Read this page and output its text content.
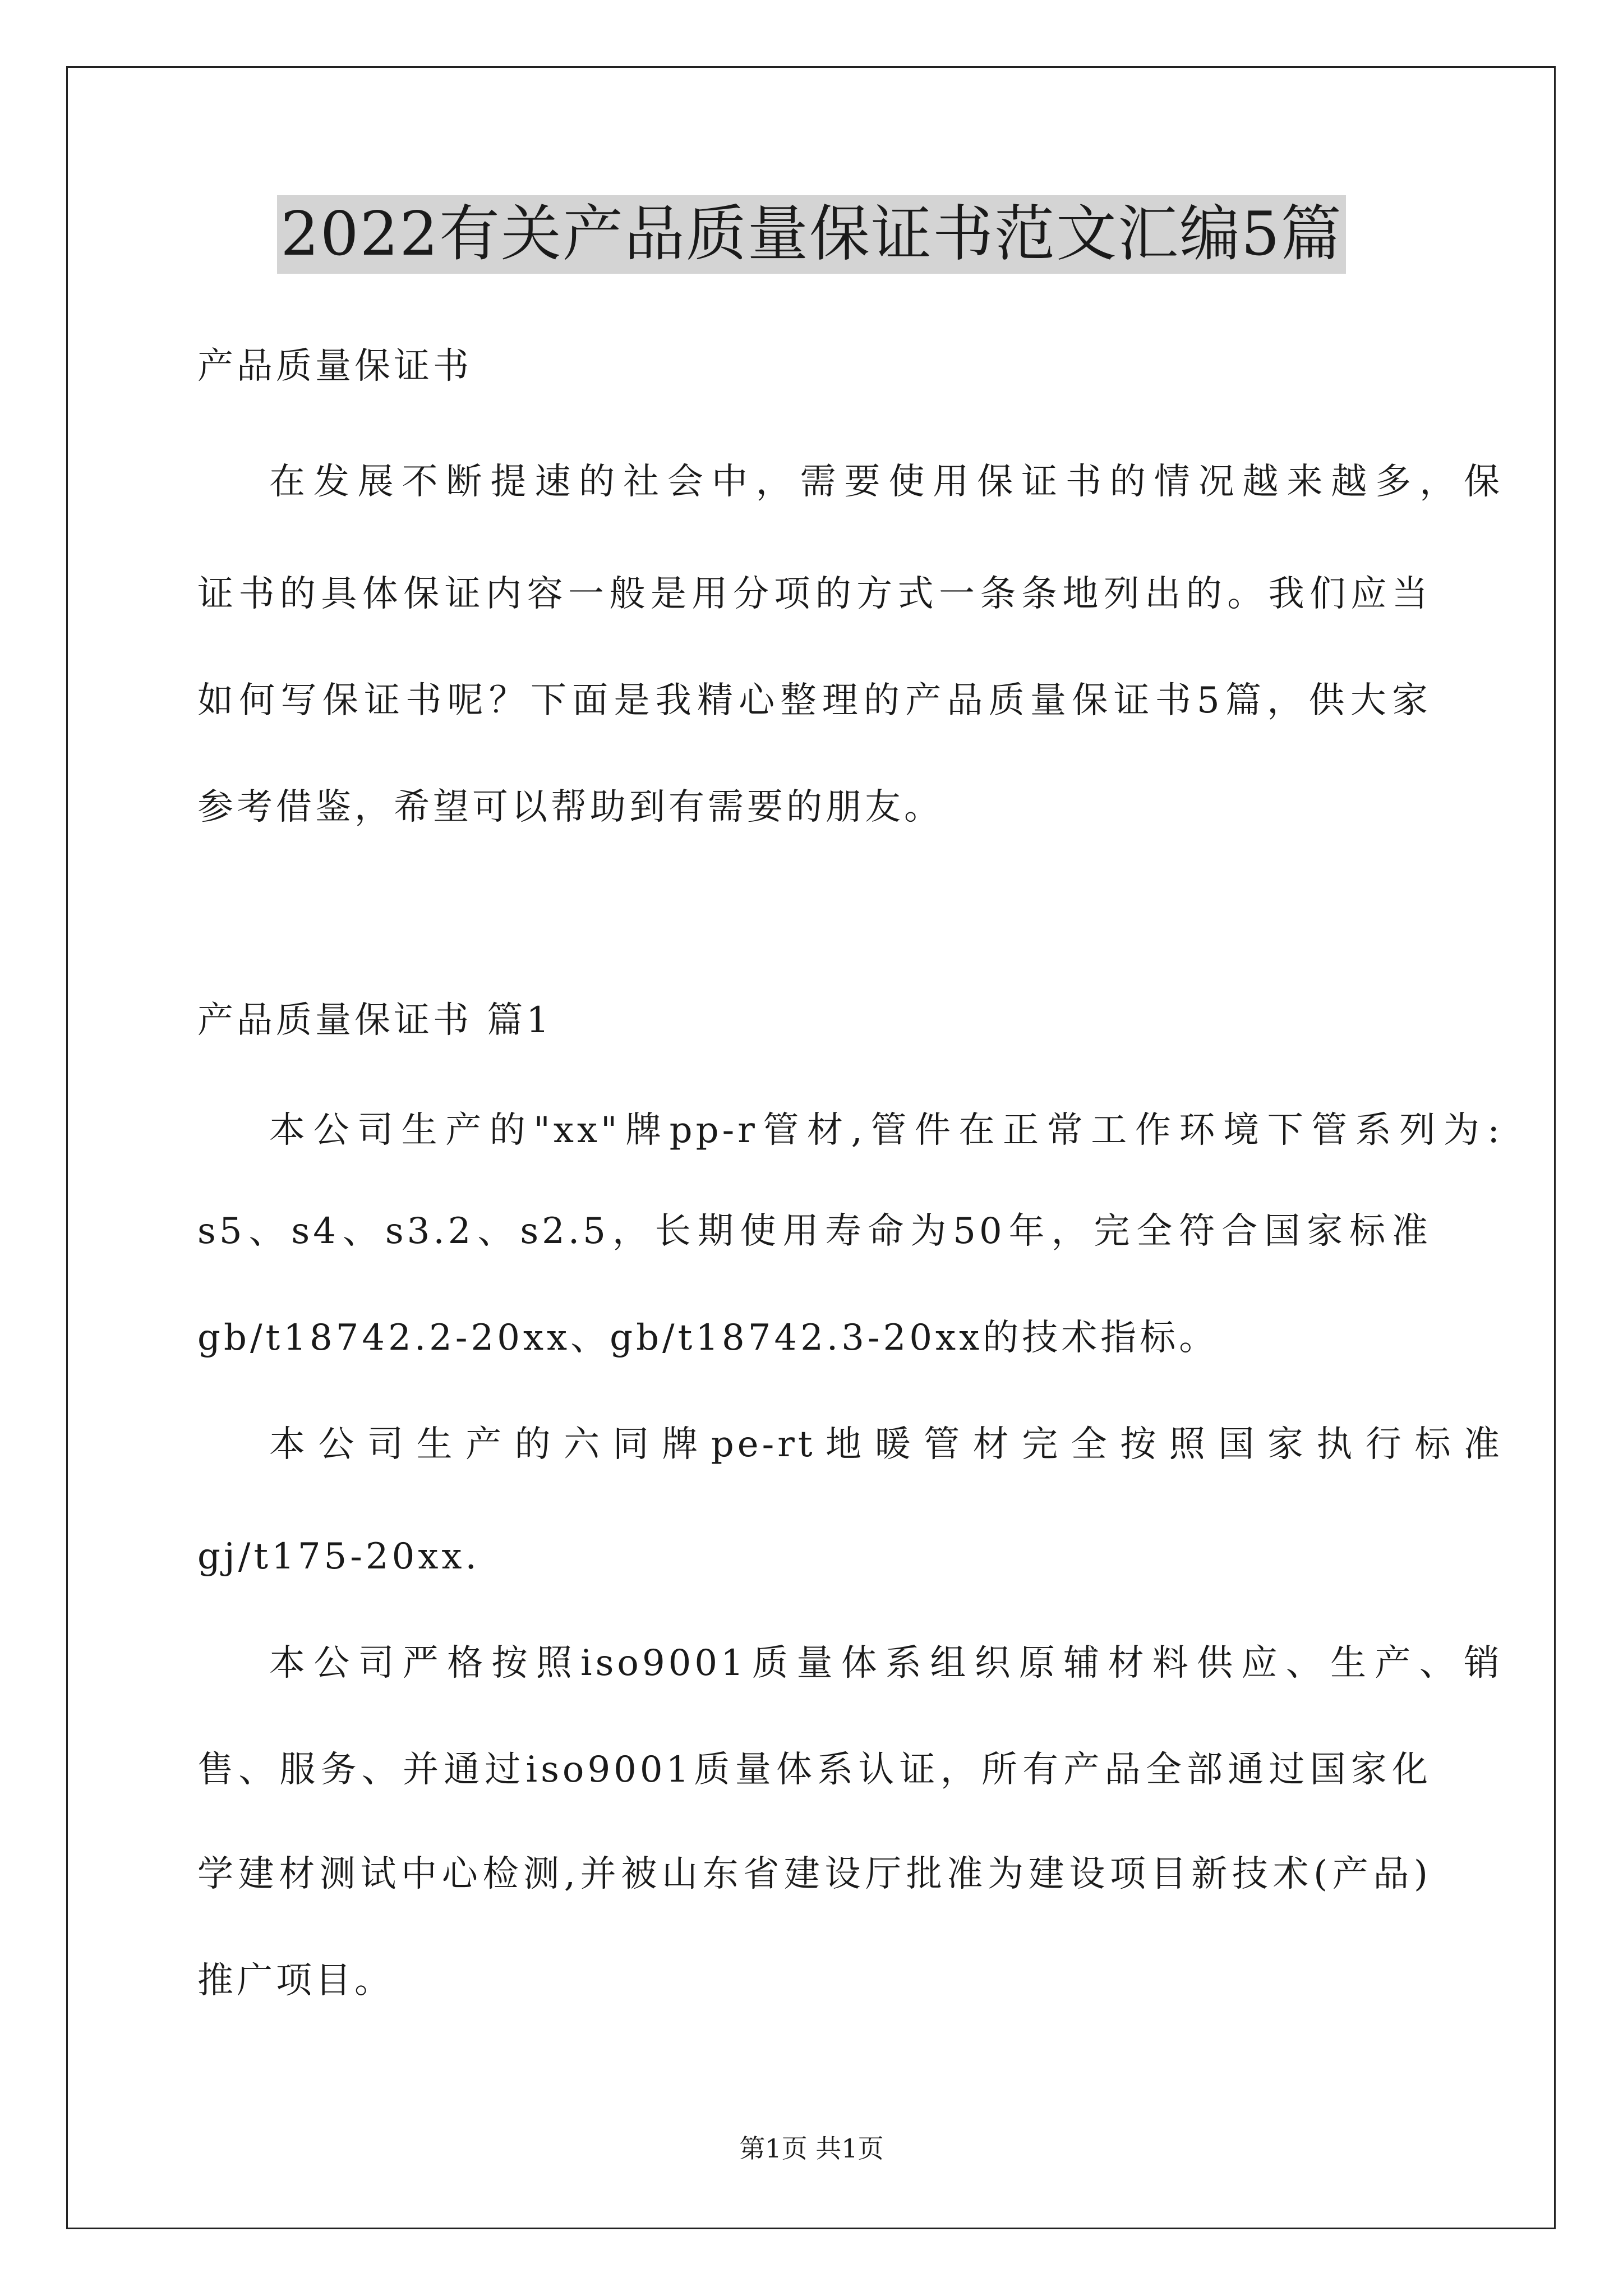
2022有关产品质量保证书范文汇编5篇

产品质量保证书

在发展不断提速的社会中，需要使用保证书的情况越来越多，保

证书的具体保证内容一般是用分项的方式一条条地列出的。我们应当

如何写保证书呢？下面是我精心整理的产品质量保证书5篇，供大家

参考借鉴，希望可以帮助到有需要的朋友。

产品质量保证书 篇1

本公司生产的"xx"牌pp-r管材,管件在正常工作环境下管系列为:

s5、s4、s3.2、s2.5，长期使用寿命为50年，完全符合国家标准

gb/t18742.2-20xx、gb/t18742.3-20xx的技术指标。

本公司生产的六同牌pe-rt地暖管材完全按照国家执行标准

gj/t175-20xx.

本公司严格按照iso9001质量体系组织原辅材料供应、生产、销

售、服务、并通过iso9001质量体系认证，所有产品全部通过国家化

学建材测试中心检测,并被山东省建设厅批准为建设项目新技术(产品)

推广项目。

第1页 共1页
